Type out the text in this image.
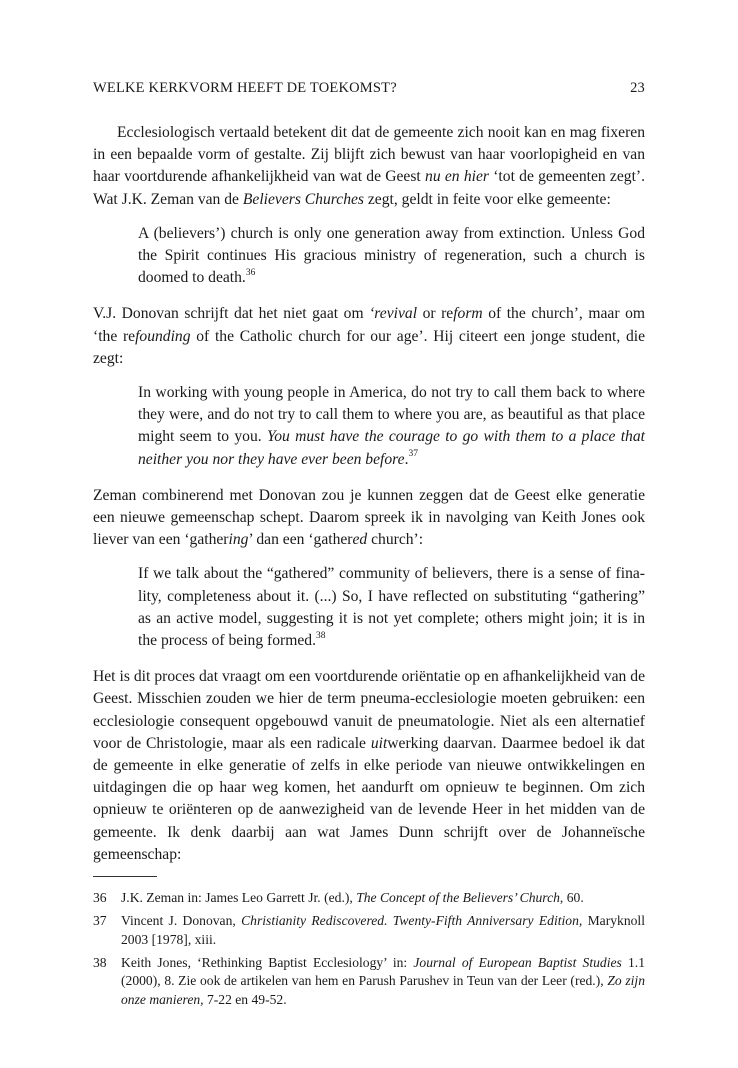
WELKE KERKVORM HEEFT DE TOEKOMST?	23

Ecclesiologisch vertaald betekent dit dat de gemeente zich nooit kan en mag fixeren in een bepaalde vorm of gestalte. Zij blijft zich bewust van haar voorlopigheid en van haar voortdurende afhankelijkheid van wat de Geest nu en hier ‘tot de gemeenten zegt’. Wat J.K. Zeman van de Believers Churches zegt, geldt in feite voor elke gemeente:

A (believers’) church is only one generation away from extinction. Unless God the Spirit continues His gracious ministry of regeneration, such a church is doomed to death.$^{36}$

V.J. Donovan schrijft dat het niet gaat om ‘revival or reform of the church’, maar om ‘the refounding of the Catholic church for our age’. Hij citeert een jonge student, die zegt:

In working with young people in America, do not try to call them back to where they were, and do not try to call them to where you are, as beautiful as that place might seem to you. You must have the courage to go with them to a place that neither you nor they have ever been before.$^{37}$

Zeman combinerend met Donovan zou je kunnen zeggen dat de Geest elke generatie een nieuwe gemeenschap schept. Daarom spreek ik in navolging van Keith Jones ook liever van een ‘gathering’ dan een ‘gathered church’:

If we talk about the “gathered” community of believers, there is a sense of finality, completeness about it. (...) So, I have reflected on substituting “gathering” as an active model, suggesting it is not yet complete; others might join; it is in the process of being formed.$^{38}$

Het is dit proces dat vraagt om een voortdurende oriëntatie op en afhankelijkheid van de Geest. Misschien zouden we hier de term pneuma-ecclesiologie moeten gebruiken: een ecclesiologie consequent opgebouwd vanuit de pneumatologie. Niet als een alternatief voor de Christologie, maar als een radicale uitwerking daarvan. Daarmee bedoel ik dat de gemeente in elke generatie of zelfs in elke periode van nieuwe ontwikkelingen en uitdagingen die op haar weg komen, het aandurft om opnieuw te beginnen. Om zich opnieuw te oriënteren op de aanwezigheid van de levende Heer in het midden van de gemeente. Ik denk daarbij aan wat James Dunn schrijft over de Johanneïsche gemeenschap:

36	J.K. Zeman in: James Leo Garrett Jr. (ed.), The Concept of the Believers’ Church, 60.
37	Vincent J. Donovan, Christianity Rediscovered. Twenty-Fifth Anniversary Edition, Maryknoll 2003 [1978], xiii.
38	Keith Jones, ‘Rethinking Baptist Ecclesiology’ in: Journal of European Baptist Studies 1.1 (2000), 8. Zie ook de artikelen van hem en Parush Parushev in Teun van der Leer (red.), Zo zijn onze manieren, 7-22 en 49-52.
